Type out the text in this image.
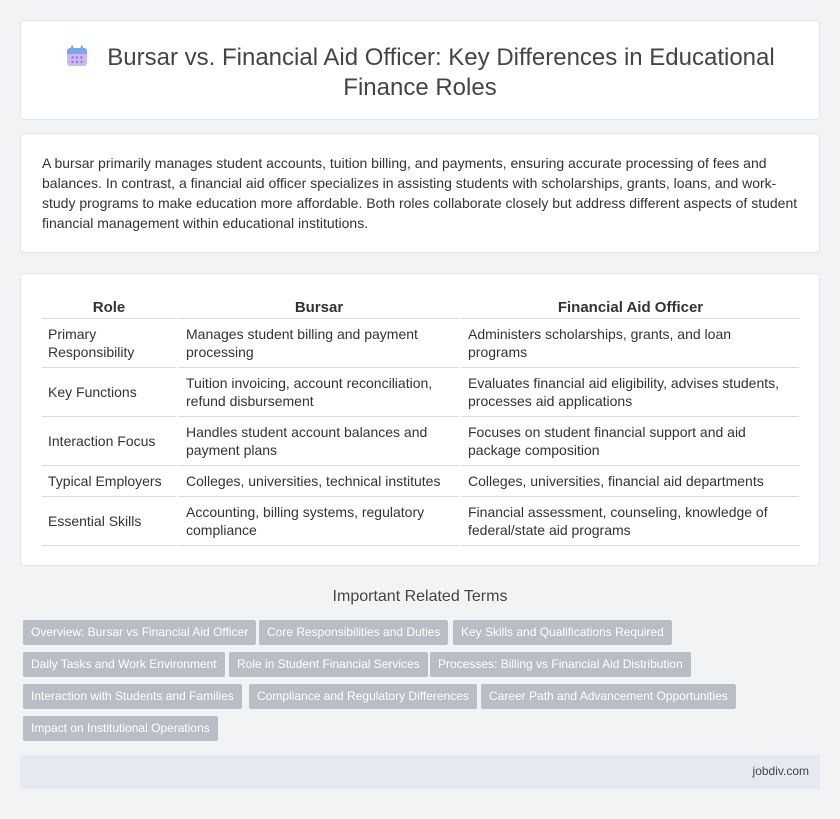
Bursar vs. Financial Aid Officer: Key Differences in Educational Finance Roles

A bursar primarily manages student accounts, tuition billing, and payments, ensuring accurate processing of fees and balances. In contrast, a financial aid officer specializes in assisting students with scholarships, grants, loans, and work-study programs to make education more affordable. Both roles collaborate closely but address different aspects of student financial management within educational institutions.

Role	Bursar	Financial Aid Officer
Primary Responsibility	Manages student billing and payment processing	Administers scholarships, grants, and loan programs
Key Functions	Tuition invoicing, account reconciliation, refund disbursement	Evaluates financial aid eligibility, advises students, processes aid applications
Interaction Focus	Handles student account balances and payment plans	Focuses on student financial support and aid package composition
Typical Employers	Colleges, universities, technical institutes	Colleges, universities, financial aid departments
Essential Skills	Accounting, billing systems, regulatory compliance	Financial assessment, counseling, knowledge of federal/state aid programs
Important Related Terms
Overview: Bursar vs Financial Aid Officer	Core Responsibilities and Duties	Key Skills and Qualifications Required
Daily Tasks and Work Environment	Role in Student Financial Services	Processes: Billing vs Financial Aid Distribution
Interaction with Students and Families	Compliance and Regulatory Differences	Career Path and Advancement Opportunities
Impact on Institutional Operations
jobdiv.com
